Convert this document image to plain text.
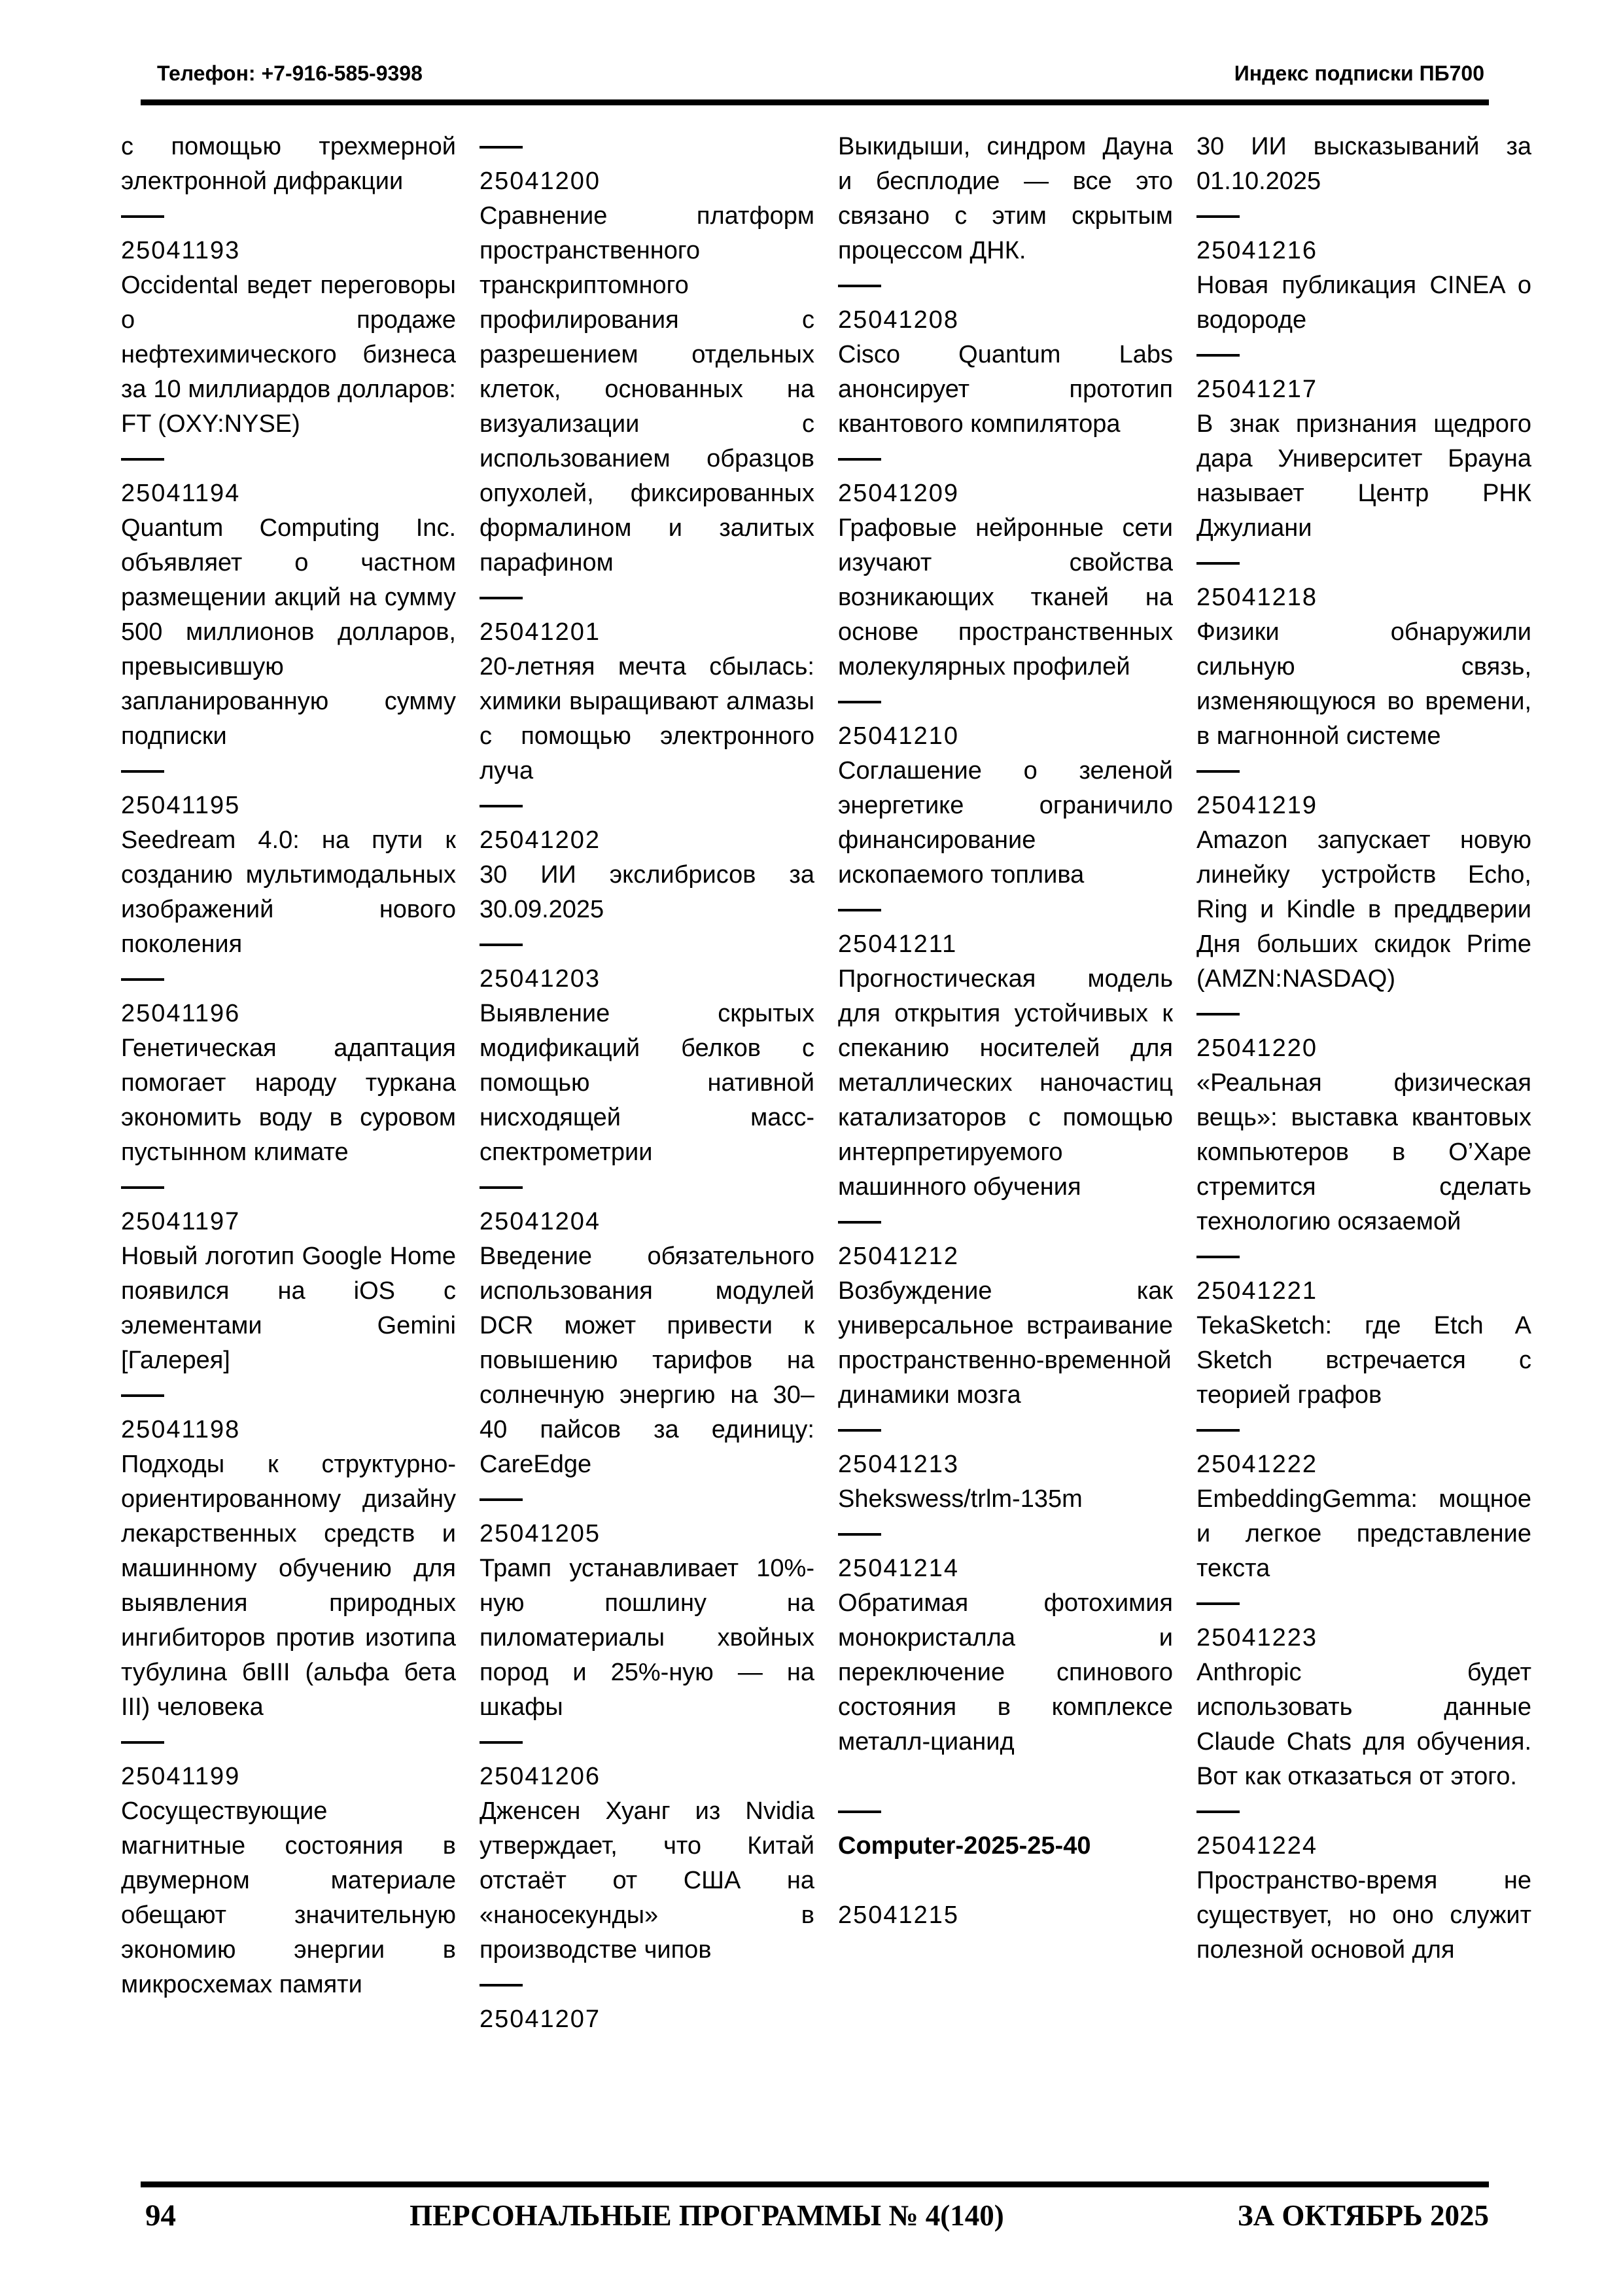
Телефон: +7-916-585-9398	Индекс подписки ПБ700
с помощью трехмерной электронной дифракции
25041193
Occidental ведет переговоры о продаже нефтехимического бизнеса за 10 миллиардов долларов: FT (OXY:NYSE)
25041194
Quantum Computing Inc. объявляет о частном размещении акций на сумму 500 миллионов долларов, превысившую запланированную сумму подписки
25041195
Seedream 4.0: на пути к созданию мультимодальных изображений нового поколения
25041196
Генетическая адаптация помогает народу туркана экономить воду в суровом пустынном климате
25041197
Новый логотип Google Home появился на iOS с элементами Gemini [Галерея]
25041198
Подходы к структурно-ориентированному дизайну лекарственных средств и машинному обучению для выявления природных ингибиторов против изотипа тубулина бвIII (альфа бета III) человека
25041199
Сосуществующие магнитные состояния в двумерном материале обещают значительную экономию энергии в микросхемах памяти
25041200
Сравнение платформ пространственного транскриптомного профилирования с разрешением отдельных клеток, основанных на визуализации с использованием образцов опухолей, фиксированных формалином и залитых парафином
25041201
20-летняя мечта сбылась: химики выращивают алмазы с помощью электронного луча
25041202
30 ИИ экслибрисов за 30.09.2025
25041203
Выявление скрытых модификаций белков с помощью нативной нисходящей масс-спектрометрии
25041204
Введение обязательного использования модулей DCR может привести к повышению тарифов на солнечную энергию на 30–40 пайсов за единицу: CareEdge
25041205
Трамп устанавливает 10%-ную пошлину на пиломатериалы хвойных пород и 25%-ную — на шкафы
25041206
Дженсен Хуанг из Nvidia утверждает, что Китай отстаёт от США на «наносекунды» в производстве чипов
25041207
Выкидыши, синдром Дауна и бесплодие — все это связано с этим скрытым процессом ДНК.
25041208
Cisco Quantum Labs анонсирует прототип квантового компилятора
25041209
Графовые нейронные сети изучают свойства возникающих тканей на основе пространственных молекулярных профилей
25041210
Соглашение о зеленой энергетике ограничило финансирование ископаемого топлива
25041211
Прогностическая модель для открытия устойчивых к спеканию носителей для металлических наночастиц катализаторов с помощью интерпретируемого машинного обучения
25041212
Возбуждение как универсальное встраивание пространственно-временной динамики мозга
25041213
Shekswess/trlm-135m
25041214
Обратимая фотохимия монокристалла и переключение спинового состояния в комплексе металл-цианид
Computer-2025-25-40
25041215
30 ИИ высказываний за 01.10.2025
25041216
Новая публикация CINEA о водороде
25041217
В знак признания щедрого дара Университет Брауна называет Центр РНК Джулиани
25041218
Физики обнаружили сильную связь, изменяющуюся во времени, в магнонной системе
25041219
Amazon запускает новую линейку устройств Echo, Ring и Kindle в преддверии Дня больших скидок Prime (AMZN:NASDAQ)
25041220
«Реальная физическая вещь»: выставка квантовых компьютеров в О’Харе стремится сделать технологию осязаемой
25041221
TekaSketch: где Etch A Sketch встречается с теорией графов
25041222
EmbeddingGemma: мощное и легкое представление текста
25041223
Anthropic будет использовать данные Claude Chats для обучения. Вот как отказаться от этого.
25041224
Пространство-время не существует, но оно служит полезной основой для
94	ПЕРСОНАЛЬНЫЕ ПРОГРАММЫ № 4(140)	ЗА ОКТЯБРЬ 2025
